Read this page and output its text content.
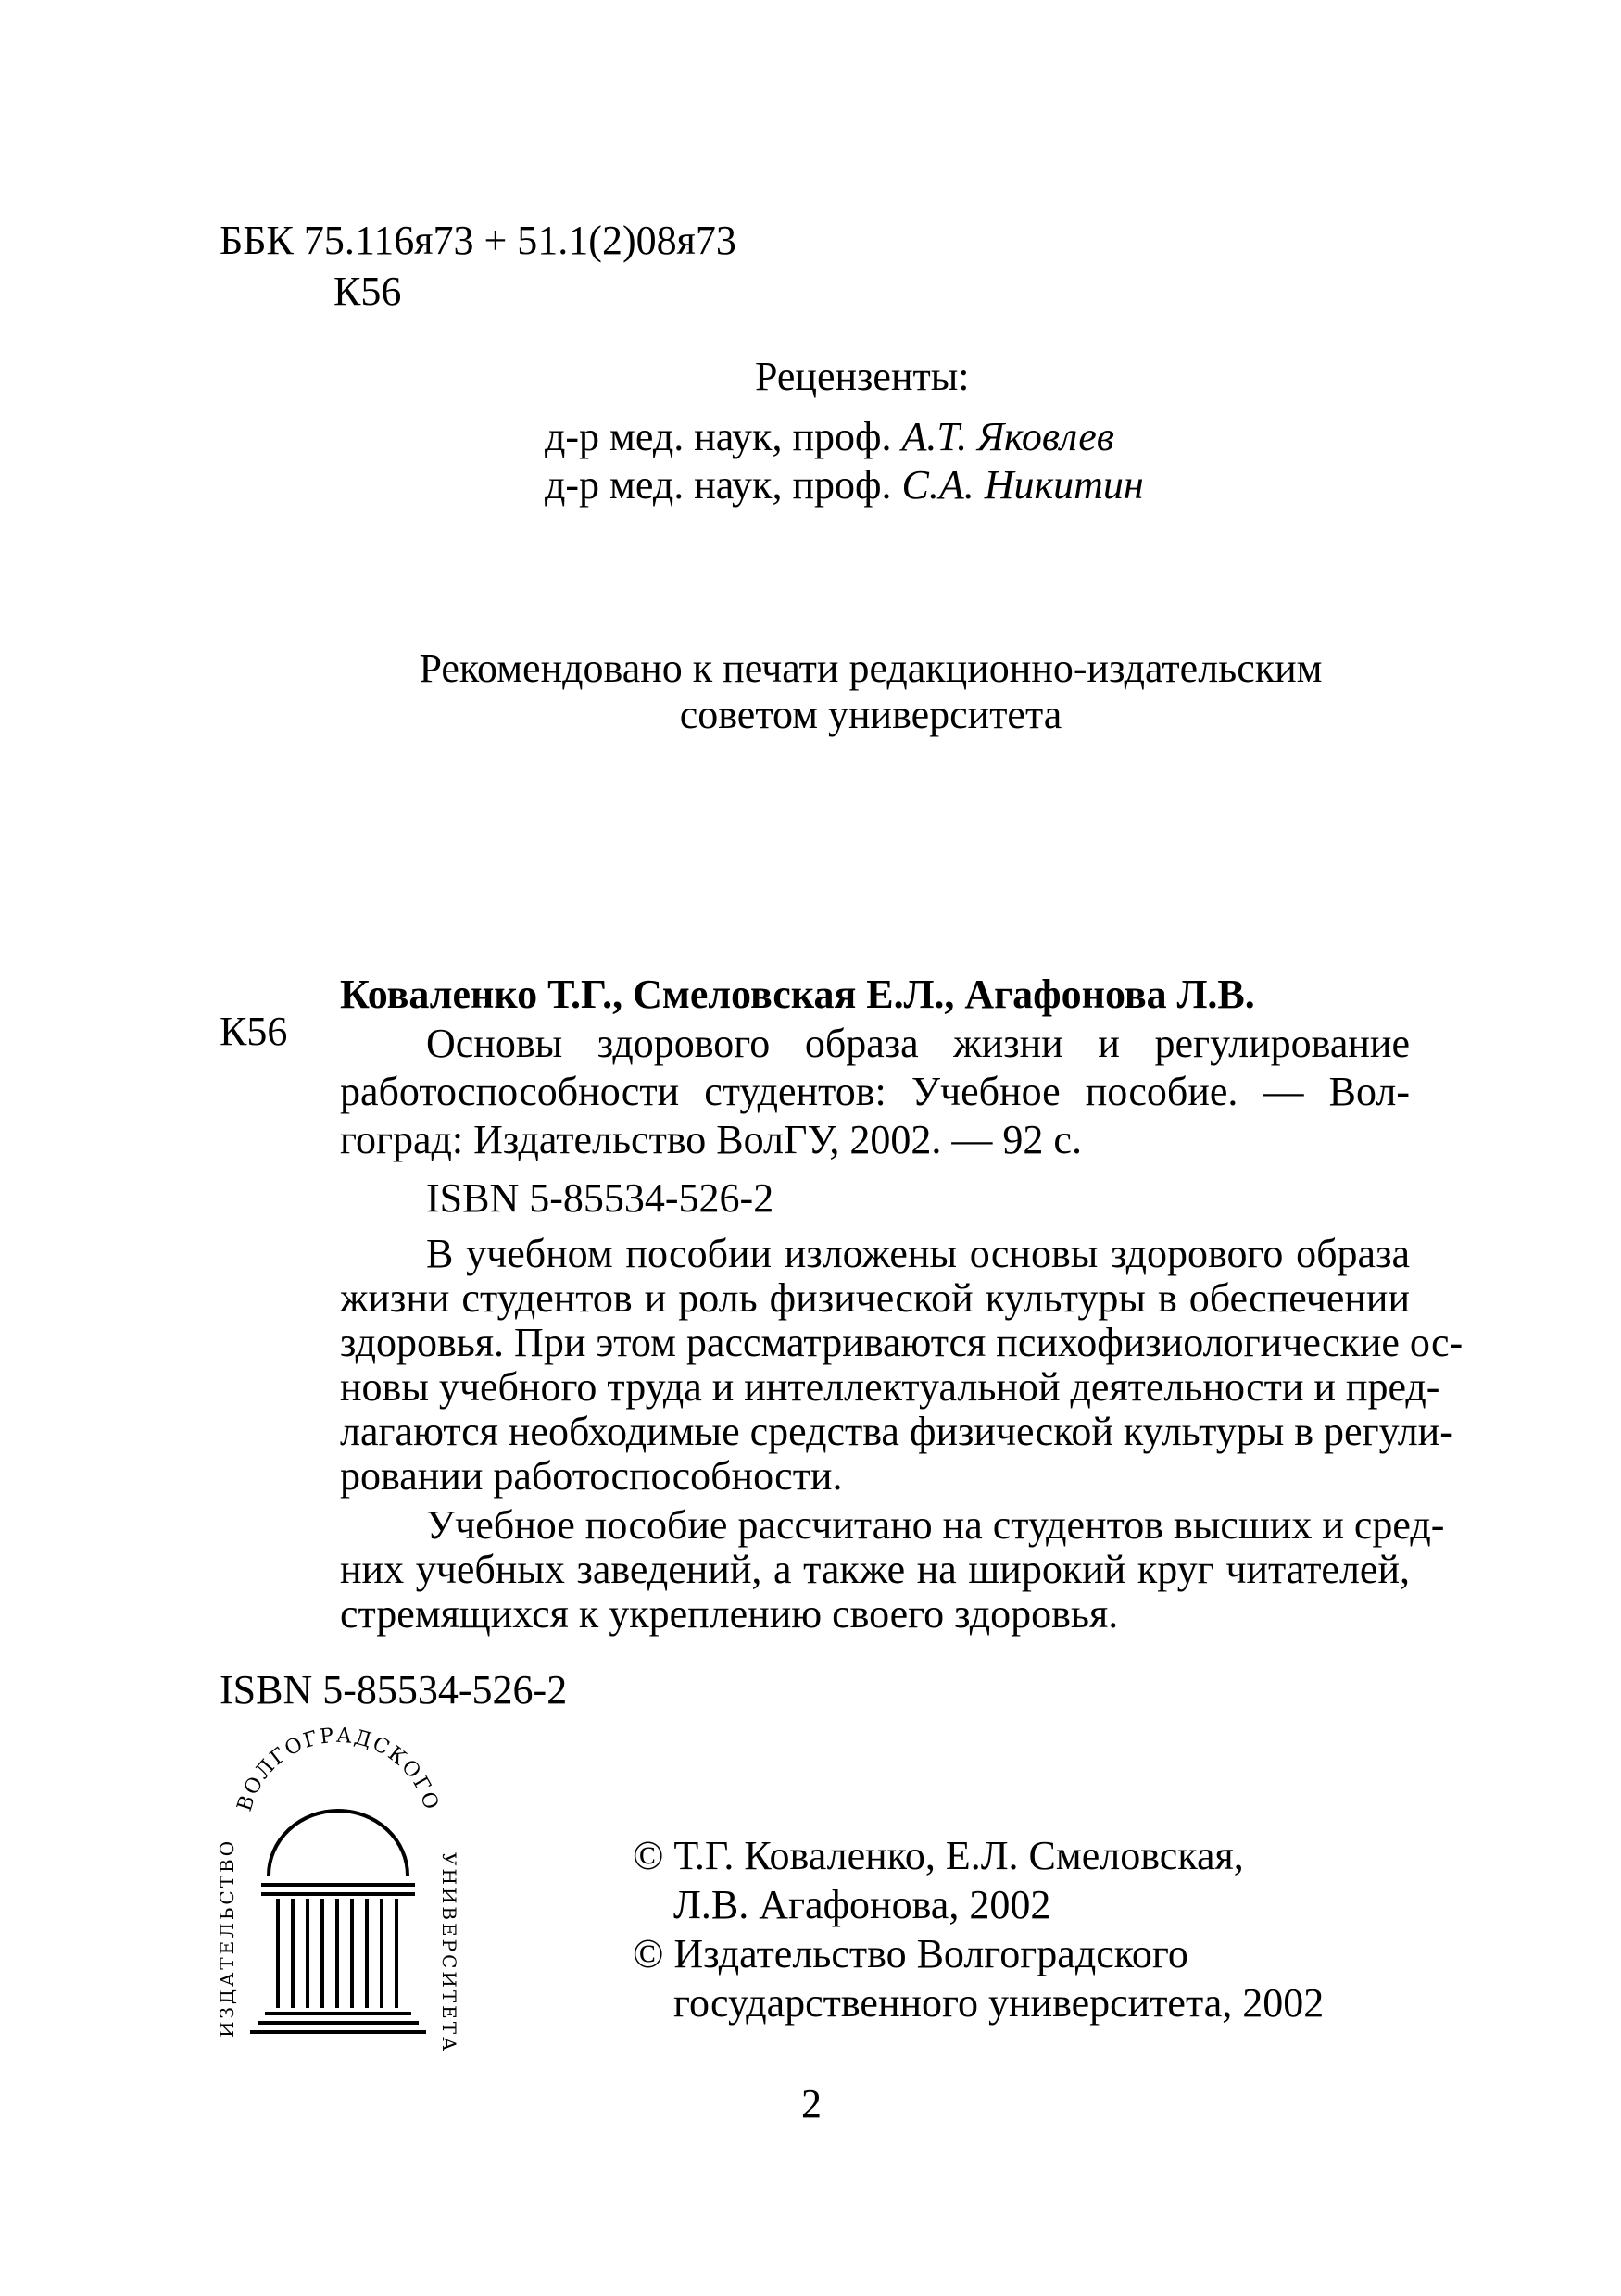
ББК 75.116я73 + 51.1(2)08я73
К56
Рецензенты:
д-р мед. наук, проф. А.Т. Яковлев
д-р мед. наук, проф. С.А. Никитин
Рекомендовано к печати редакционно-издательским
советом университета
Коваленко Т.Г., Смеловская Е.Л., Агафонова Л.В.
К56	Основы здорового образа жизни и регулирование
работоспособности студентов: Учебное пособие. — Вол-
гоград: Издательство ВолГУ, 2002. — 92 с.
ISBN 5-85534-526-2
В учебном пособии изложены основы здорового образа
жизни студентов и роль физической культуры в обеспечении
здоровья. При этом рассматриваются психофизиологические ос-
новы учебного труда и интеллектуальной деятельности и пред-
лагаются необходимые средства физической культуры в регули-
ровании работоспособности.
Учебное пособие рассчитано на студентов высших и сред-
них учебных заведений, а также на широкий круг читателей,
стремящихся к укреплению своего здоровья.
ISBN 5-85534-526-2
ВОЛГОГРАДСКОГО
ИЗДАТЕЛЬСТВО	УНИВЕРСИТЕТА	© Т.Г. Коваленко, Е.Л. Смеловская,
Л.В. Агафонова, 2002
© Издательство Волгоградского
государственного университета, 2002
2
